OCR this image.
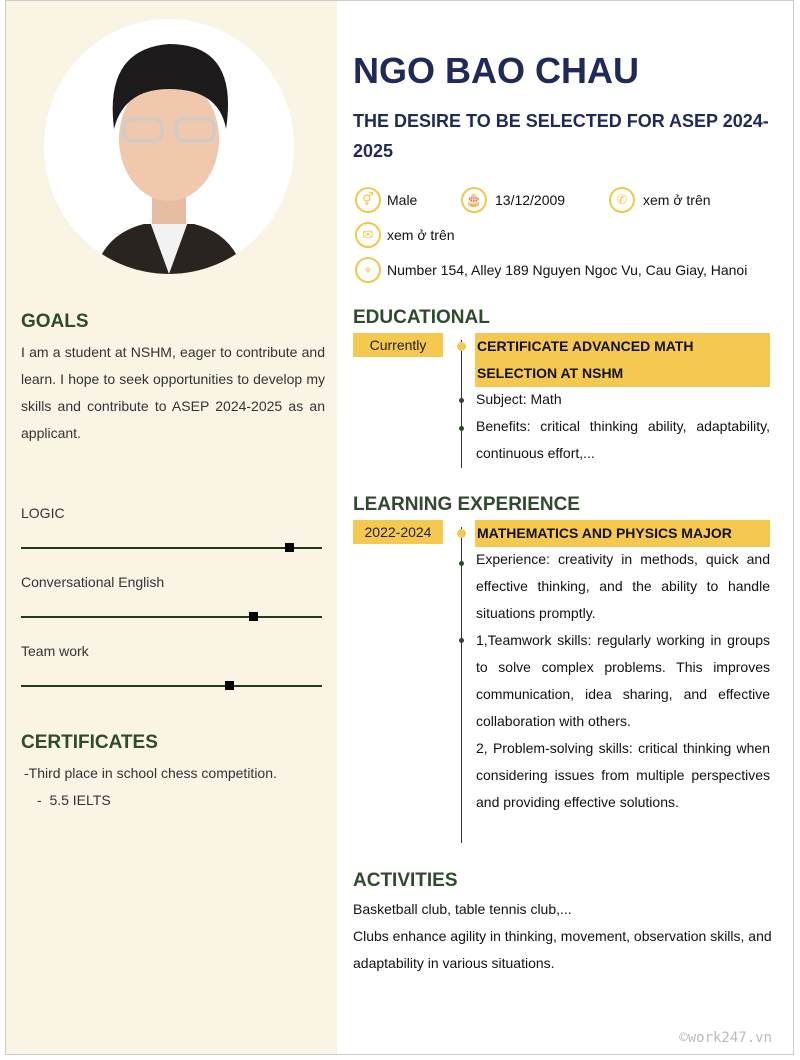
GOALS
I am a student at NSHM, eager to contribute and learn. I hope to seek opportunities to develop my skills and contribute to ASEP 2024-2025 as an applicant.
LOGIC
Conversational English
Team work
CERTIFICATES
-Third place in school chess competition.
-  5.5 IELTS
NGO BAO CHAU
THE DESIRE TO BE SELECTED FOR ASEP 2024-2025
⚥ Male	🎂 13/12/2009	✆	xem ở trên
✉ xem ở trên
⌖	Number 154, Alley 189 Nguyen Ngoc Vu, Cau Giay, Hanoi
EDUCATIONAL
Currently	CERTIFICATE ADVANCED MATH SELECTION AT NSHM
Subject: Math
Benefits: critical thinking ability, adaptability, continuous effort,...
LEARNING EXPERIENCE
2022-2024	MATHEMATICS AND PHYSICS MAJOR
Experience: creativity in methods, quick and effective thinking, and the ability to handle situations promptly.
1,Teamwork skills: regularly working in groups to solve complex problems. This improves communication, idea sharing, and effective collaboration with others.
2, Problem-solving skills: critical thinking when considering issues from multiple perspectives and providing effective solutions.
ACTIVITIES
Basketball club, table tennis club,...
Clubs enhance agility in thinking, movement, observation skills, and adaptability in various situations.
©work247.vn
